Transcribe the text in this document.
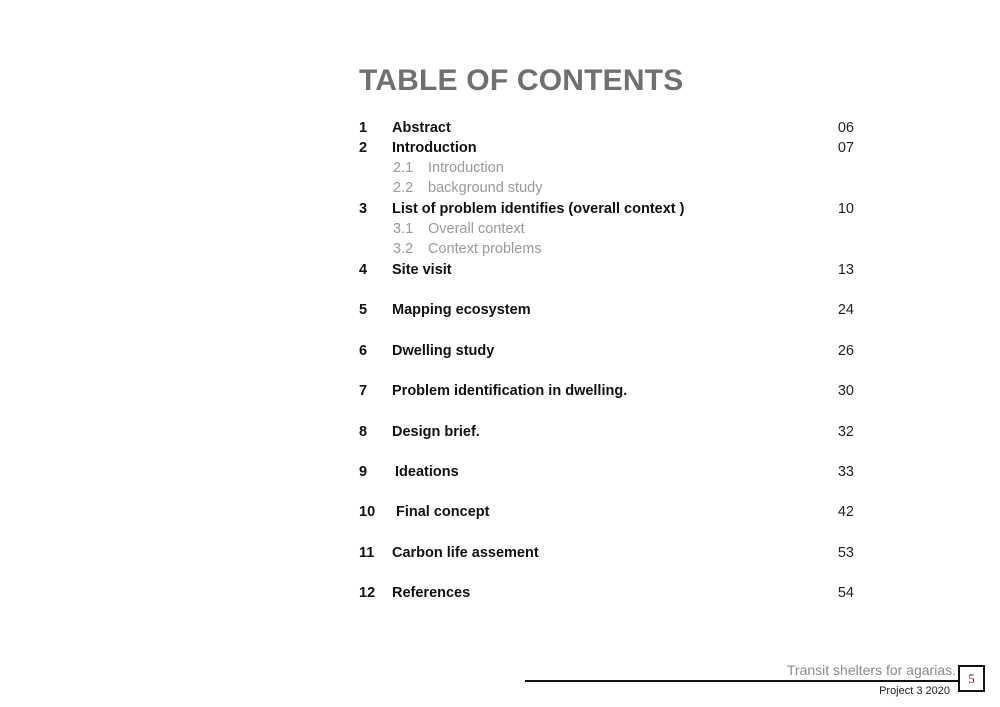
TABLE OF CONTENTS
1 Abstract	06
2 Introduction	07
2.1 Introduction
2.2 background study
3 List of problem identifies (overall context )	10
3.1 Overall context
3.2 Context problems
4 Site visit	13
5 Mapping ecosystem	24
6 Dwelling study	26
7 Problem identification in dwelling.	30
8 Design brief.	32
9 Ideations	33
10 Final concept	42
11 Carbon life assement	53
12 References	54
Transit shelters for agarias.
Project 3 2020
5
